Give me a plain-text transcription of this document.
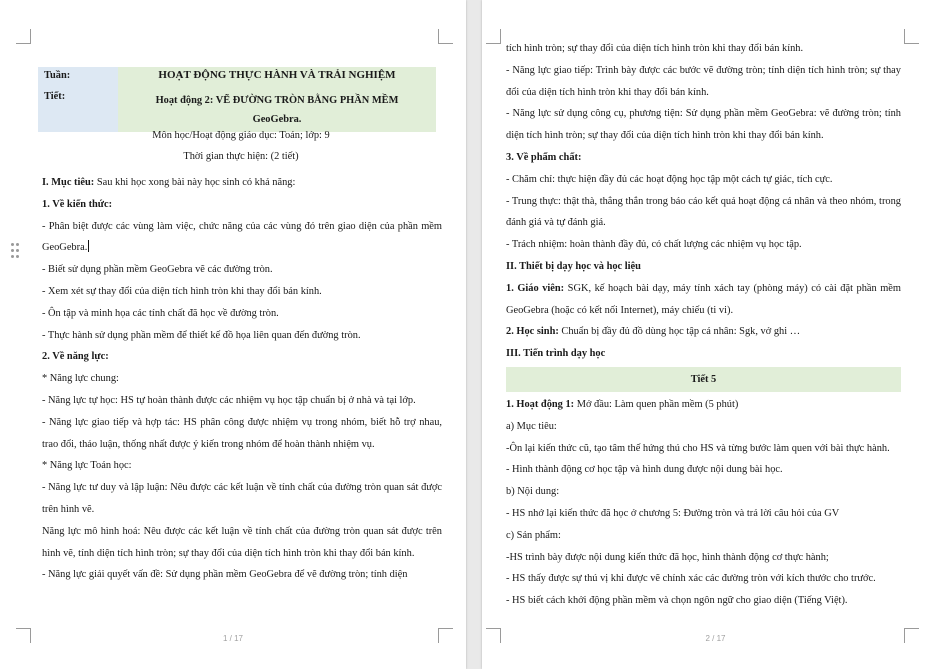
Tuần:
Tiết:
HOẠT ĐỘNG THỰC HÀNH VÀ TRẢI NGHIỆM
Hoạt động 2: VẼ ĐƯỜNG TRÒN BẰNG PHẦN MỀM GeoGebra.
Môn học/Hoạt động giáo dục: Toán; lớp: 9
Thời gian thực hiện: (2 tiết)

I. Mục tiêu: Sau khi học xong bài này học sinh có khả năng:

1. Về kiến thức:

- Phân biệt được các vùng làm việc, chức năng của các vùng đó trên giao diện của phần mềm GeoGebra.

- Biết sử dụng phần mềm GeoGebra vẽ các đường tròn.

- Xem xét sự thay đổi của diện tích hình tròn khi thay đổi bán kính.

- Ôn tập và minh họa các tính chất đã học về đường tròn.

- Thực hành sử dụng phần mềm để thiết kế đồ họa liên quan đến đường tròn.

2. Về năng lực:

* Năng lực chung:

- Năng lực tự học: HS tự hoàn thành được các nhiệm vụ học tập chuẩn bị ở nhà và tại lớp.

- Năng lực giao tiếp và hợp tác: HS phân công được nhiệm vụ trong nhóm, biết hỗ trợ nhau, trao đổi, thảo luận, thống nhất được ý kiến trong nhóm để hoàn thành nhiệm vụ.

* Năng lực Toán học:

- Năng lực tư duy và lập luận: Nêu được các kết luận về tính chất của đường tròn quan sát được trên hình vẽ.

Năng lực mô hình hoá: Nêu được các kết luận về tính chất của đường tròn quan sát được trên hình vẽ, tính diện tích hình tròn; sự thay đổi của diện tích hình tròn khi thay đổi bán kính.

- Năng lực giải quyết vấn đề: Sử dụng phần mềm GeoGebra để vẽ đường tròn; tính diện

1 / 17

tích hình tròn; sự thay đổi của diện tích hình tròn khi thay đổi bán kính.

- Năng lực giao tiếp: Trình bày được các bước vẽ đường tròn; tính diện tích hình tròn; sự thay đổi của diện tích hình tròn khi thay đổi bán kính.

- Năng lực sử dụng công cụ, phương tiện: Sử dụng phần mềm GeoGebra: vẽ đường tròn; tính diện tích hình tròn; sự thay đổi của diện tích hình tròn khi thay đổi bán kính.

3. Về phẩm chất:

- Chăm chỉ: thực hiện đầy đủ các hoạt động học tập một cách tự giác, tích cực.

- Trung thực: thật thà, thẳng thắn trong báo cáo kết quả hoạt động cá nhân và theo nhóm, trong đánh giá và tự đánh giá.

- Trách nhiệm: hoàn thành đầy đủ, có chất lượng các nhiệm vụ học tập.

II. Thiết bị dạy học và học liệu

1. Giáo viên: SGK, kế hoạch bài dạy, máy tính xách tay (phòng máy) có cài đặt phần mềm GeoGebra (hoặc có kết nối Internet), máy chiếu (ti vi).

2. Học sinh: Chuẩn bị đầy đủ đồ dùng học tập cá nhân: Sgk, vở ghi …

III. Tiến trình dạy học

Tiết 5

1. Hoạt động 1: Mở đầu: Làm quen phần mềm (5 phút)

a) Mục tiêu:

-Ôn lại kiến thức cũ, tạo tâm thế hứng thú cho HS và từng bước làm quen với bài thực hành.

- Hình thành động cơ học tập và hình dung được nội dung bài học.

b) Nội dung:

- HS nhớ lại kiến thức đã học ở chương 5: Đường tròn và trả lời câu hỏi của GV

c) Sản phẩm:

-HS trình bày được nội dung kiến thức đã học, hình thành động cơ thực hành;

- HS thấy được sự thú vị khi được vẽ chính xác các đường tròn với kích thước cho trước.

- HS biết cách khởi động phần mềm và chọn ngôn ngữ cho giao diện (Tiếng Việt).

2 / 17
